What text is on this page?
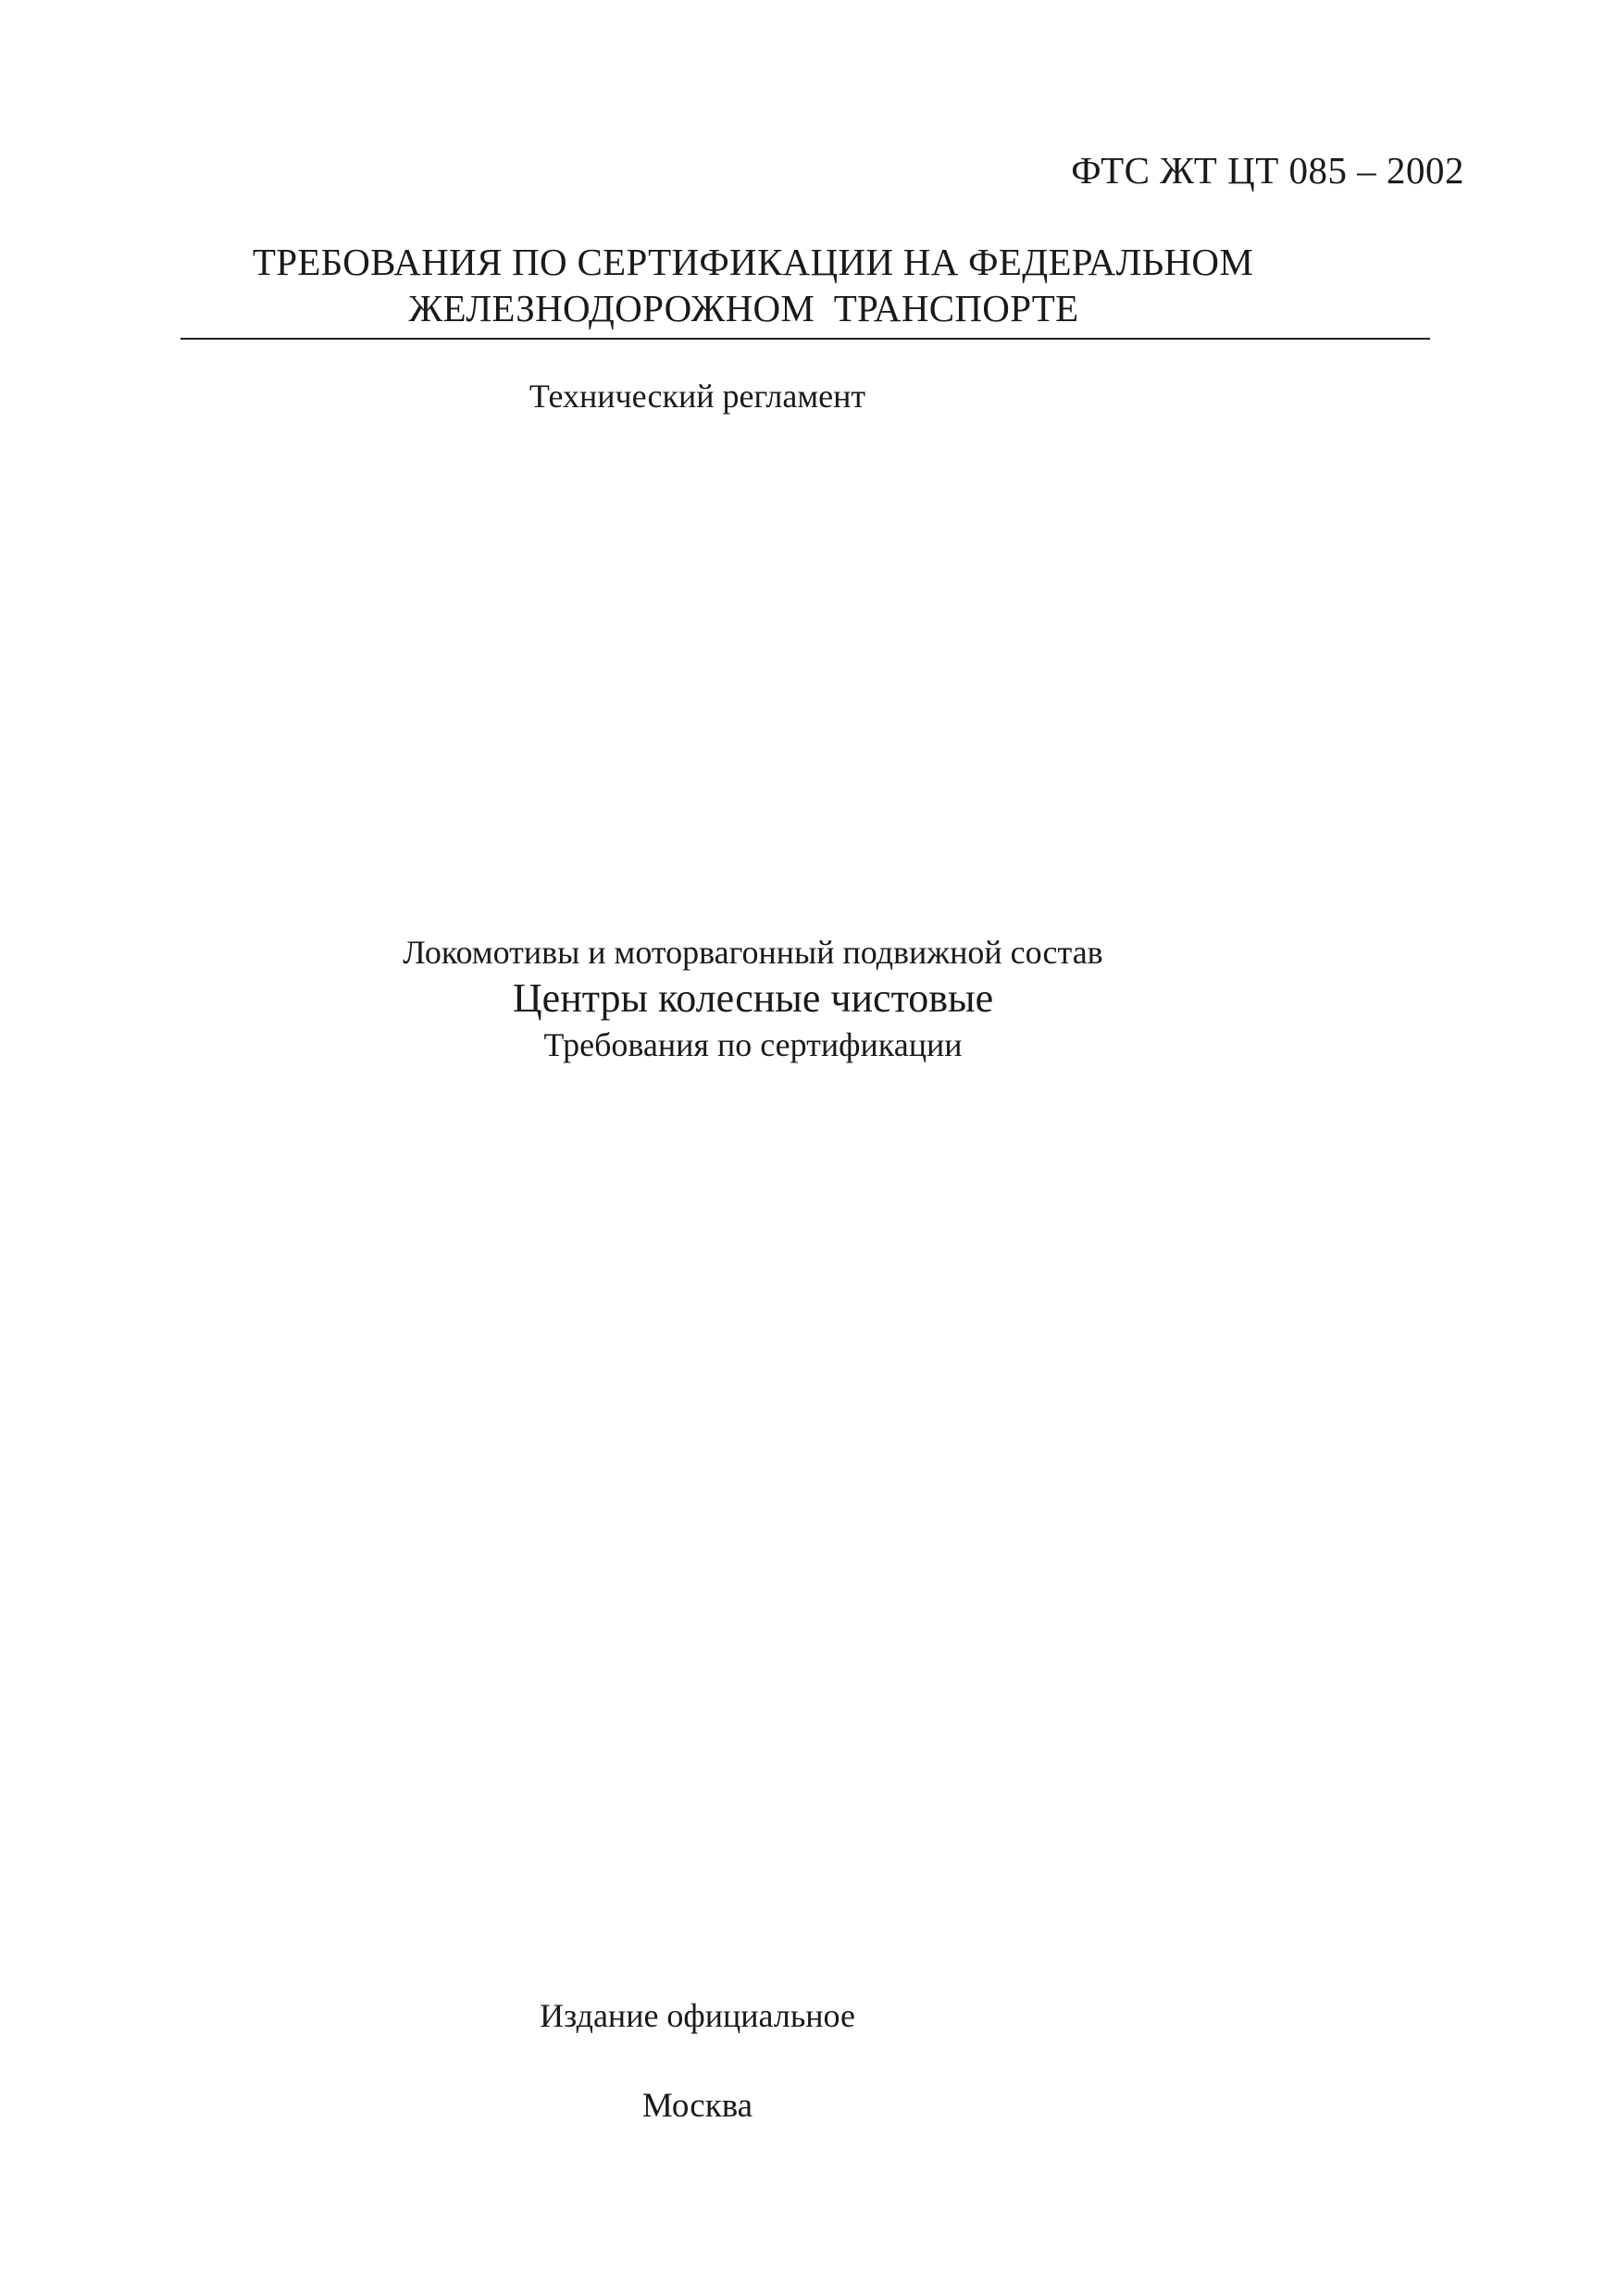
ФТС ЖТ ЦТ 085 – 2002
ТРЕБОВАНИЯ ПО СЕРТИФИКАЦИИ НА ФЕДЕРАЛЬНОМ
ЖЕЛЕЗНОДОРОЖНОМ ТРАНСПОРТЕ
Технический регламент
Локомотивы и моторвагонный подвижной состав
Центры колесные чистовые
Требования по сертификации
Издание официальное
Москва
